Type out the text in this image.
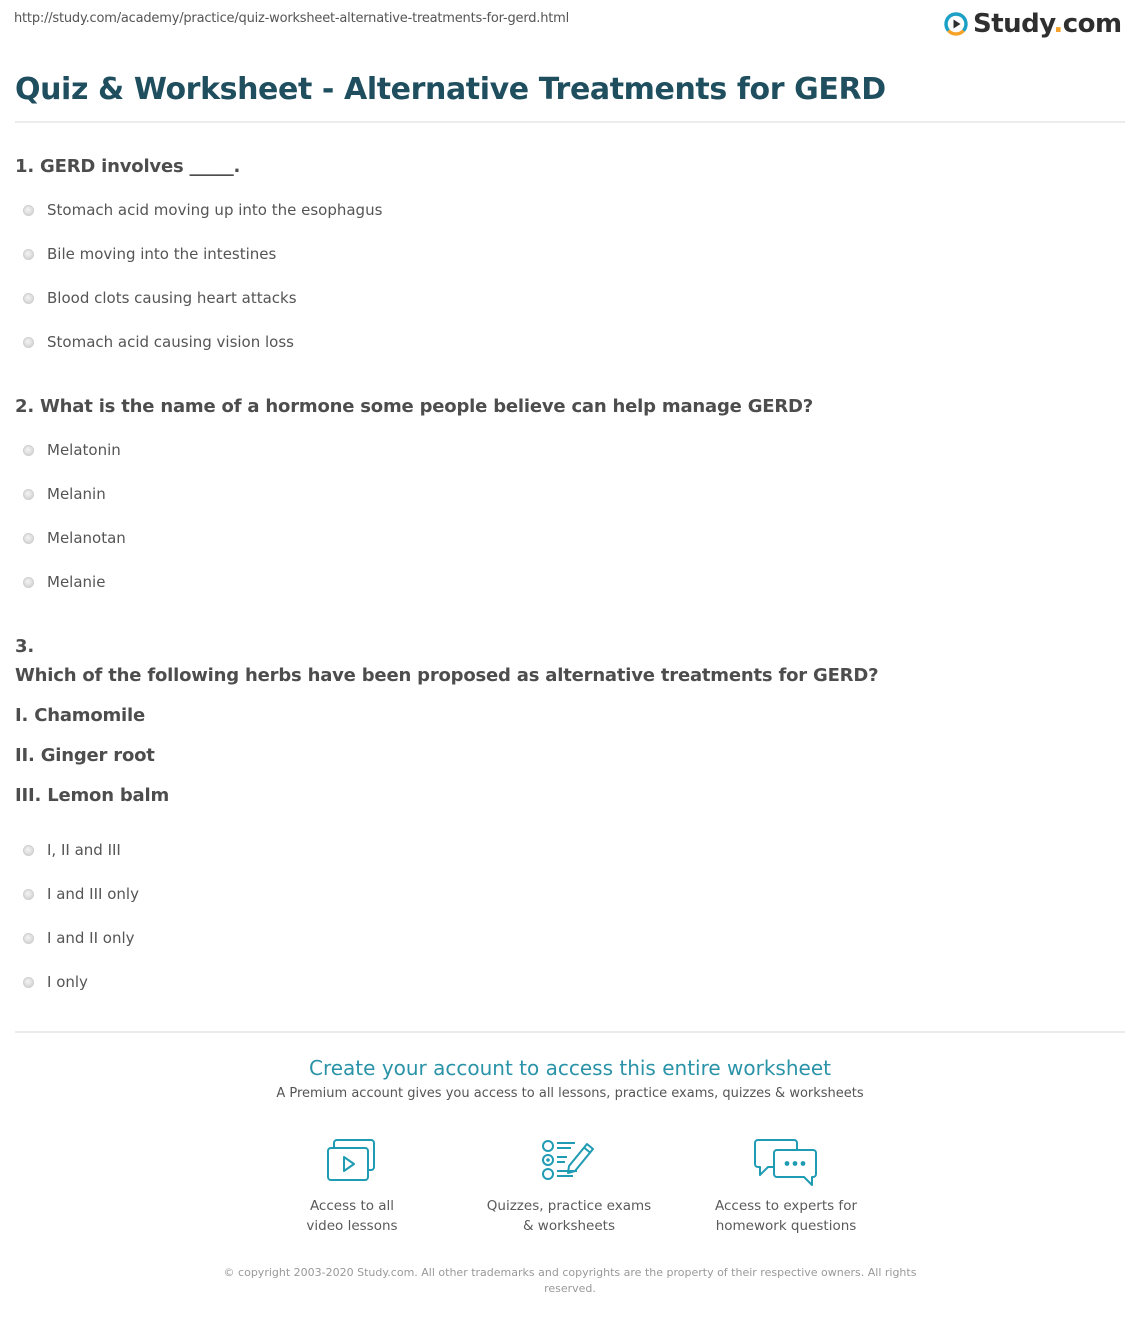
http://study.com/academy/practice/quiz-worksheet-alternative-treatments-for-gerd.html	Study.com
Quiz & Worksheet - Alternative Treatments for GERD
1. GERD involves _____.
Stomach acid moving up into the esophagus
Bile moving into the intestines
Blood clots causing heart attacks
Stomach acid causing vision loss
2. What is the name of a hormone some people believe can help manage GERD?
Melatonin
Melanin
Melanotan
Melanie
3.
Which of the following herbs have been proposed as alternative treatments for GERD?
I. Chamomile
II. Ginger root
III. Lemon balm
I, II and III
I and III only
I and II only
I only
Create your account to access this entire worksheet
A Premium account gives you access to all lessons, practice exams, quizzes & worksheets
Access to all
video lessons
Quizzes, practice exams
& worksheets
Access to experts for
homework questions
© copyright 2003-2020 Study.com. All other trademarks and copyrights are the property of their respective owners. All rights reserved.
